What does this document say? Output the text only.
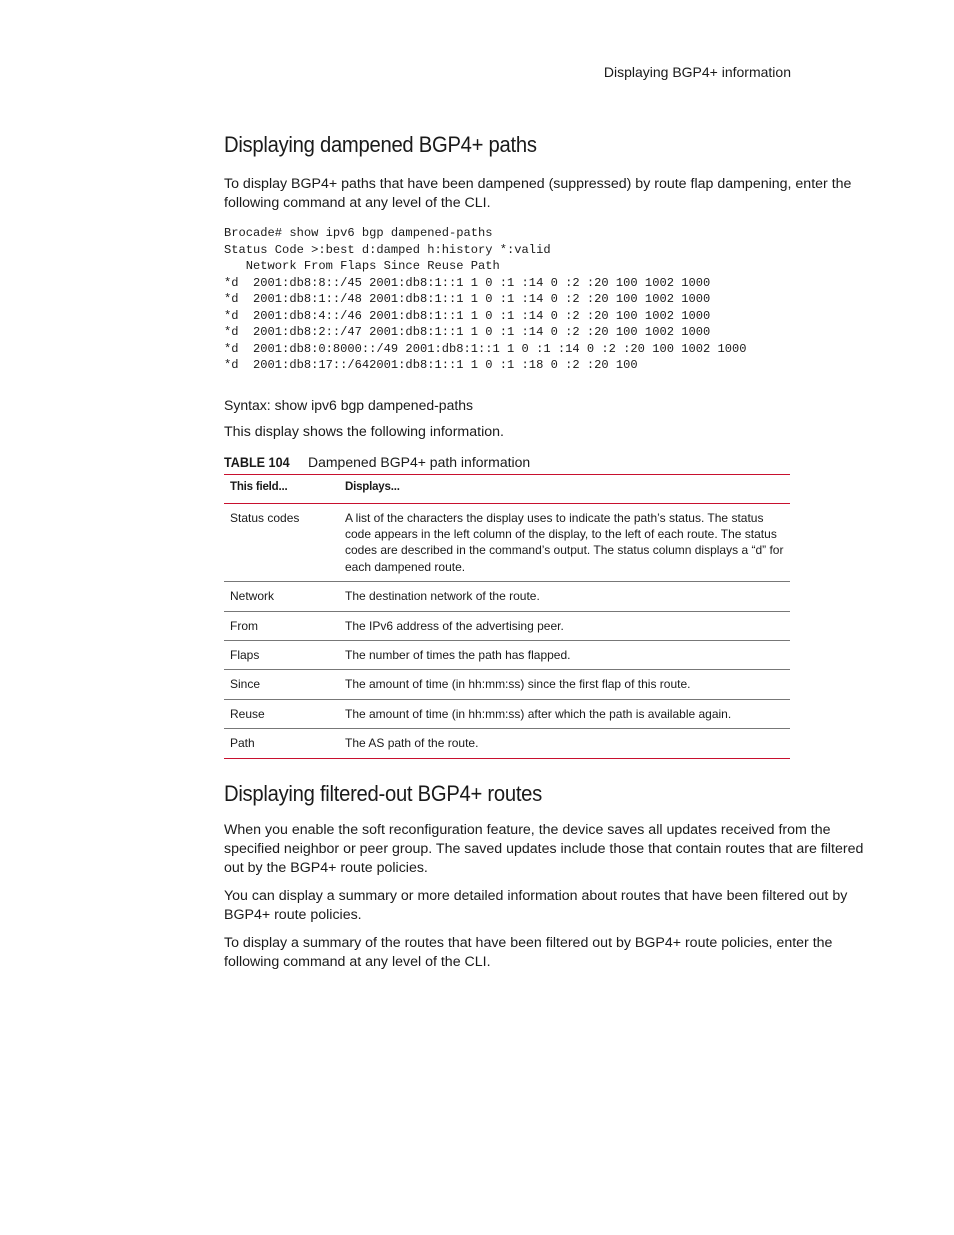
Displaying BGP4+ information
Displaying dampened BGP4+ paths

To display BGP4+ paths that have been dampened (suppressed) by route flap dampening, enter the following command at any level of the CLI.

Brocade# show ipv6 bgp dampened-paths
Status Code >:best d:damped h:history *:valid
Network From Flaps Since Reuse Path
*d  2001:db8:8::/45 2001:db8:1::1 1 0 :1 :14 0 :2 :20 100 1002 1000
*d  2001:db8:1::/48 2001:db8:1::1 1 0 :1 :14 0 :2 :20 100 1002 1000
*d  2001:db8:4::/46 2001:db8:1::1 1 0 :1 :14 0 :2 :20 100 1002 1000
*d  2001:db8:2::/47 2001:db8:1::1 1 0 :1 :14 0 :2 :20 100 1002 1000
*d  2001:db8:0:8000::/49 2001:db8:1::1 1 0 :1 :14 0 :2 :20 100 1002 1000
*d  2001:db8:17::/642001:db8:1::1 1 0 :1 :18 0 :2 :20 100

Syntax: show ipv6 bgp dampened-paths

This display shows the following information.

TABLE 104	Dampened BGP4+ path information
This field...	Displays...
Status codes	A list of the characters the display uses to indicate the path’s status. The status code appears in the left column of the display, to the left of each route. The status codes are described in the command’s output. The status column displays a “d” for each dampened route.
Network	The destination network of the route.
From	The IPv6 address of the advertising peer.
Flaps	The number of times the path has flapped.
Since	The amount of time (in hh:mm:ss) since the first flap of this route.
Reuse	The amount of time (in hh:mm:ss) after which the path is available again.
Path	The AS path of the route.
Displaying filtered-out BGP4+ routes

When you enable the soft reconfiguration feature, the device saves all updates received from the specified neighbor or peer group. The saved updates include those that contain routes that are filtered out by the BGP4+ route policies.

You can display a summary or more detailed information about routes that have been filtered out by BGP4+ route policies.

To display a summary of the routes that have been filtered out by BGP4+ route policies, enter the following command at any level of the CLI.
